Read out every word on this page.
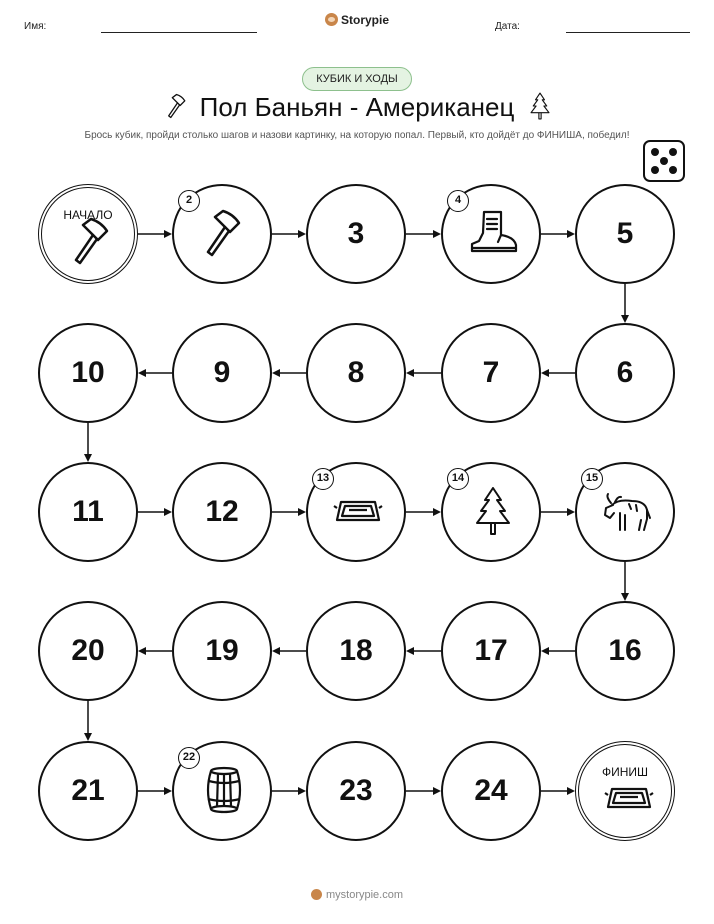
Имя:	Storypie	Дата:
КУБИК И ХОДЫ
Пол Баньян - Американец
Брось кубик, пройди столько шагов и назови картинку, на которую попал. Первый, кто дойдёт до ФИНИША, победил!
НАЧАЛО
2
3
4
5
6
7
8
9
10
11	12
13	14	15
16
17
18
19
20
21
22
23	24
ФИНИШ
mystorypie.com
